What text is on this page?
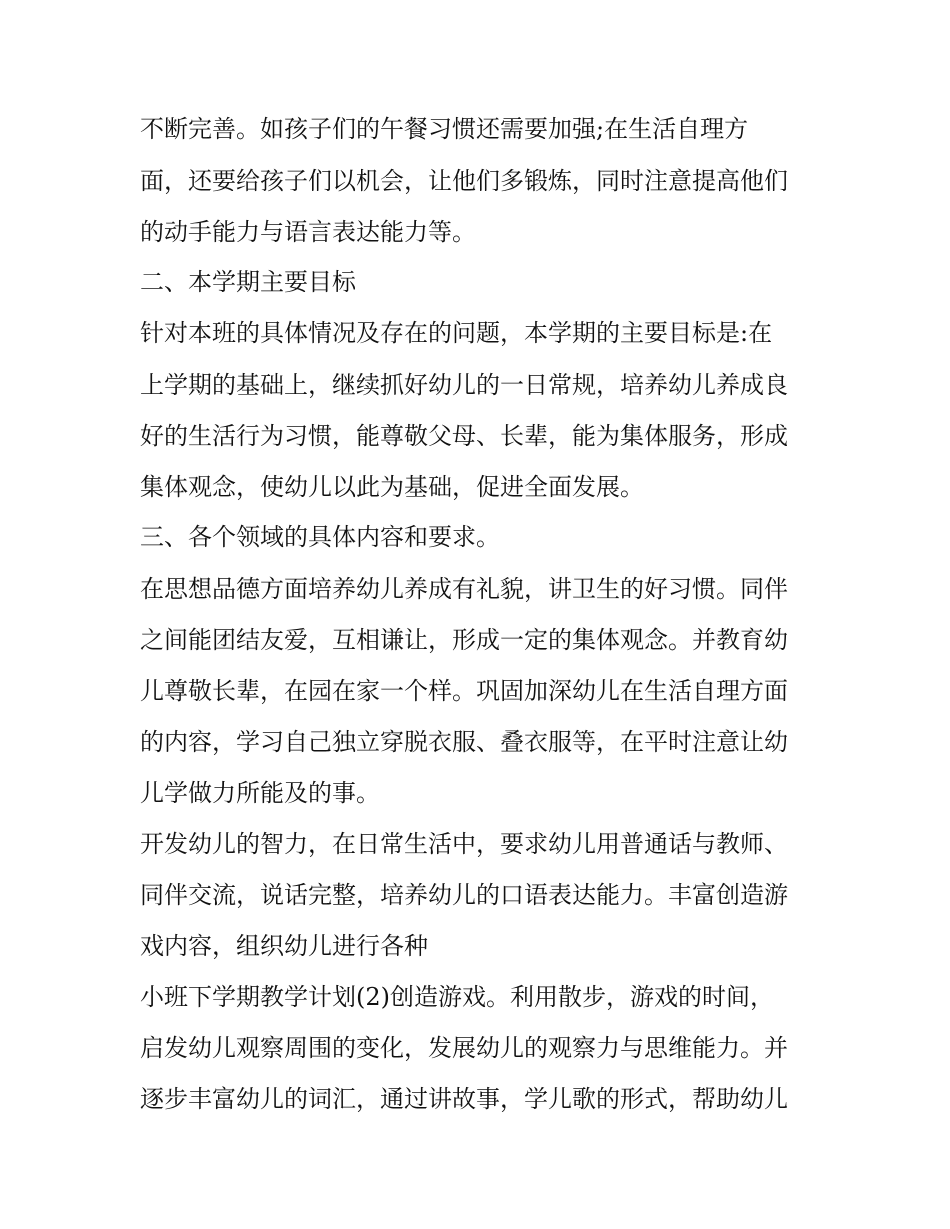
不断完善。如孩子们的午餐习惯还需要加强;在生活自理方
面，还要给孩子们以机会，让他们多锻炼，同时注意提高他们
的动手能力与语言表达能力等。
二、本学期主要目标
针对本班的具体情况及存在的问题，本学期的主要目标是:在
上学期的基础上，继续抓好幼儿的一日常规，培养幼儿养成良
好的生活行为习惯，能尊敬父母、长辈，能为集体服务，形成
集体观念，使幼儿以此为基础，促进全面发展。
三、各个领域的具体内容和要求。
在思想品德方面培养幼儿养成有礼貌，讲卫生的好习惯。同伴
之间能团结友爱，互相谦让，形成一定的集体观念。并教育幼
儿尊敬长辈，在园在家一个样。巩固加深幼儿在生活自理方面
的内容，学习自己独立穿脱衣服、叠衣服等，在平时注意让幼
儿学做力所能及的事。
开发幼儿的智力，在日常生活中，要求幼儿用普通话与教师、
同伴交流，说话完整，培养幼儿的口语表达能力。丰富创造游
戏内容，组织幼儿进行各种
小班下学期教学计划(2)创造游戏。利用散步，游戏的时间，
启发幼儿观察周围的变化，发展幼儿的观察力与思维能力。并
逐步丰富幼儿的词汇，通过讲故事，学儿歌的形式，帮助幼儿
